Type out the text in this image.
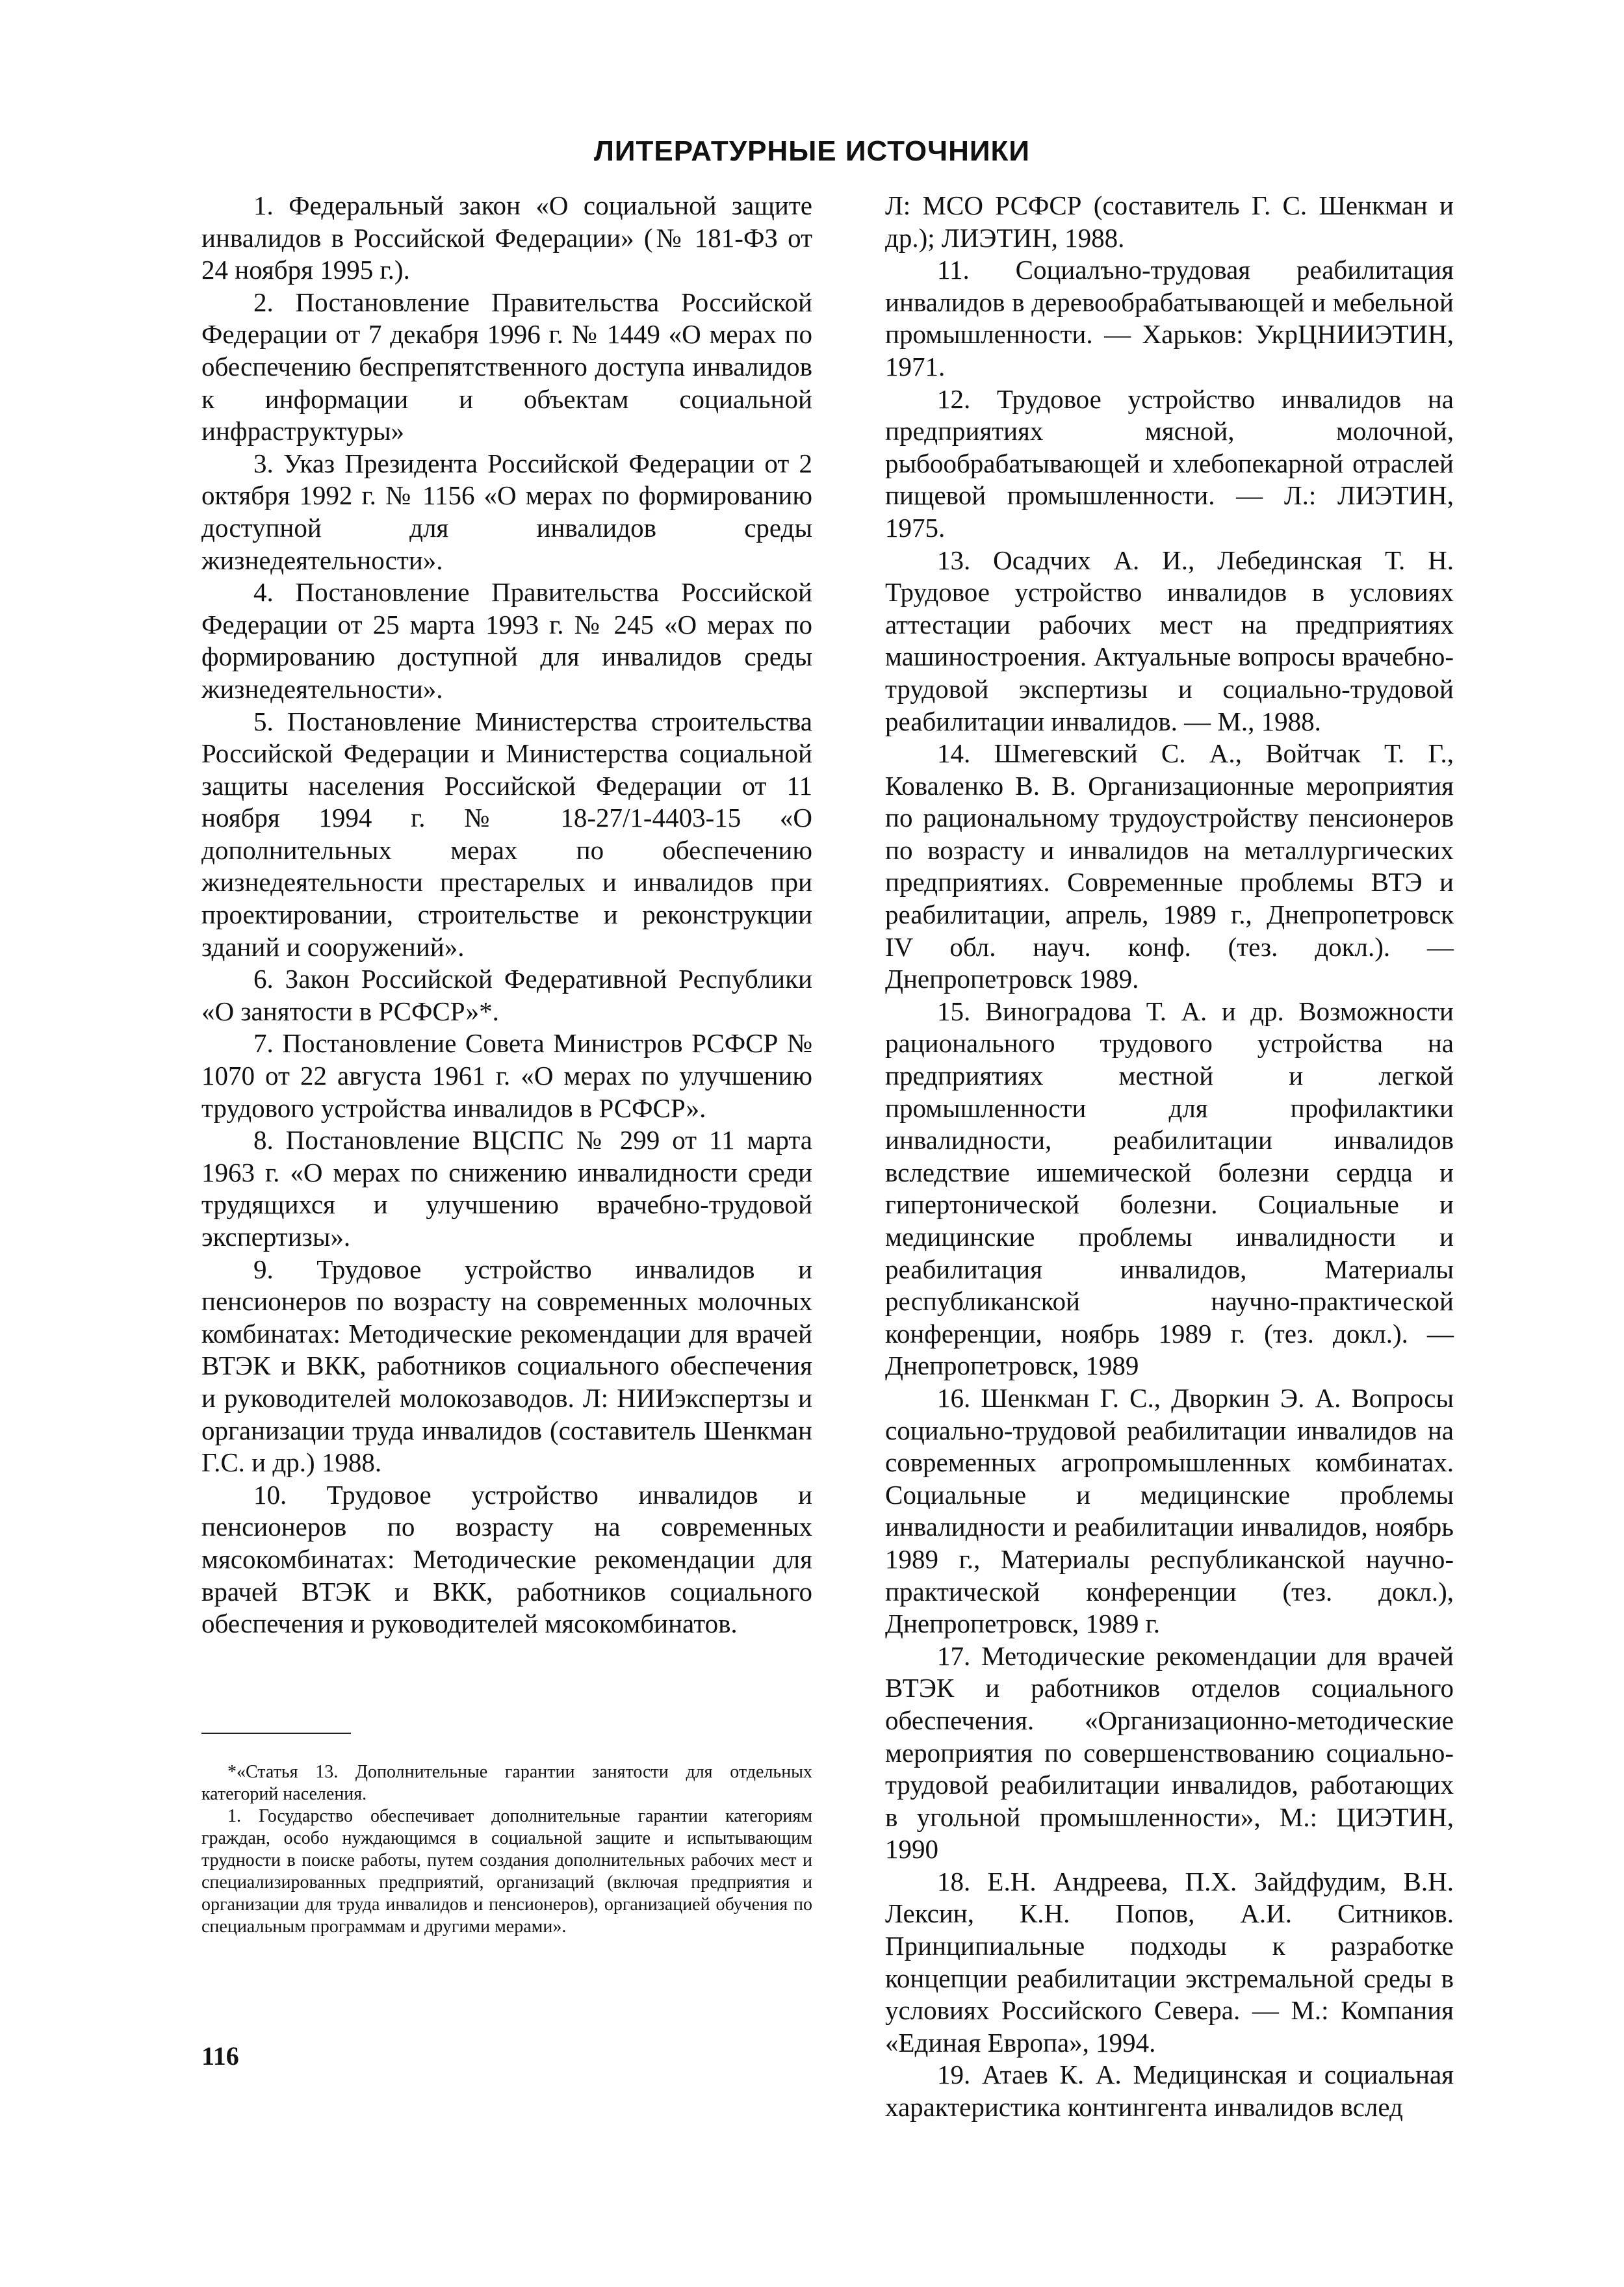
ЛИТЕРАТУРНЫЕ ИСТОЧНИКИ

1. Федеральный закон «О социальной защите инвалидов в Российской Федерации» (№ 181-ФЗ от 24 ноября 1995 г.).

2. Постановление Правительства Российской Федерации от 7 декабря 1996 г. № 1449 «О мерах по обеспечению беспрепятственного доступа инвалидов к информации и объектам социальной инфраструктуры»

3. Указ Президента Российской Федерации от 2 октября 1992 г. № 1156 «О мерах по формированию доступной для инвалидов среды жизнедеятельности».

4. Постановление Правительства Российской Федерации от 25 марта 1993 г. № 245 «О мерах по формированию доступной для инвалидов среды жизнедеятельности».

5. Постановление Министерства строительства Российской Федерации и Министерства социальной защиты населения Российской Федерации от 11 ноября 1994 г. № 18-27/1-4403-15 «О дополнительных мерах по обеспечению жизнедеятельности престарелых и инвалидов при проектировании, строительстве и реконструкции зданий и сооружений».

6. Закон Российской Федеративной Республики «О занятости в РСФСР»*.

7. Постановление Совета Министров РСФСР № 1070 от 22 августа 1961 г. «О мерах по улучшению трудового устройства инвалидов в РСФСР».

8. Постановление ВЦСПС № 299 от 11 марта 1963 г. «О мерах по снижению инвалидности среди трудящихся и улучшению врачебно-трудовой экспертизы».

9. Трудовое устройство инвалидов и пенсионеров по возрасту на современных молочных комбинатах: Методические рекомендации для врачей ВТЭК и ВКК, работников социального обеспечения и руководителей молокозаводов. Л: НИИэкспертзы и организации труда инвалидов (составитель Шенкман Г.С. и др.) 1988.

10. Трудовое устройство инвалидов и пенсионеров по возрасту на современных мясокомбинатах: Методические рекомендации для врачей ВТЭК и ВКК, работников социального обеспечения и руководителей мясокомбинатов.

Л: МСО РСФСР (составитель Г. С. Шенкман и др.); ЛИЭТИН, 1988.

11. Социалъно-трудовая реабилитация инвалидов в деревообрабатывающей и мебельной промышленности. — Харьков: УкрЦНИИЭТИН, 1971.

12. Трудовое устройство инвалидов на предприятиях мясной, молочной, рыбообрабатывающей и хлебопекарной отраслей пищевой промышленности. — Л.: ЛИЭТИН, 1975.

13. Осадчих А. И., Лебединская Т. Н. Трудовое устройство инвалидов в условиях аттестации рабочих мест на предприятиях машиностроения. Актуальные вопросы врачебно-трудовой экспертизы и социально-трудовой реабилитации инвалидов. — М., 1988.

14. Шмегевский С. А., Войтчак Т. Г., Коваленко В. В. Организационные мероприятия по рациональному трудоустройству пенсионеров по возрасту и инвалидов на металлургических предприятиях. Современные проблемы ВТЭ и реабилитации, апрель, 1989 г., Днепропетровск IV обл. науч. конф. (тез. докл.). — Днепропетровск 1989.

15. Виноградова Т. А. и др. Возможности рационального трудового устройства на предприятиях местной и легкой промышленности для профилактики инвалидности, реабилитации инвалидов вследствие ишемической болезни сердца и гипертонической болезни. Социальные и медицинские проблемы инвалидности и реабилитация инвалидов, Материалы республиканской научно-практической конференции, ноябрь 1989 г. (тез. докл.). — Днепропетровск, 1989

16. Шенкман Г. С., Дворкин Э. А. Вопросы социально-трудовой реабилитации инвалидов на современных агропромышленных комбинатах. Социальные и медицинские проблемы инвалидности и реабилитации инвалидов, ноябрь 1989 г., Материалы республиканской научно-практической конференции (тез. докл.), Днепропетровск, 1989 г.

17. Методические рекомендации для врачей ВТЭК и работников отделов социального обеспечения. «Организационно-методические мероприятия по совершенствованию социально-трудовой реабилитации инвалидов, работающих в угольной промышленности», М.: ЦИЭТИН, 1990

18. Е.Н. Андреева, П.Х. Зайдфудим, В.Н. Лексин, К.Н. Попов, А.И. Ситников. Принципиальные подходы к разработке концепции реабилитации экстремальной среды в условиях Российского Севера. — М.: Компания «Единая Европа», 1994.

19. Атаев К. А. Медицинская и социальная характеристика контингента инвалидов вслед

*«Статья 13. Дополнительные гарантии занятости для отдельных категорий населения.

1. Государство обеспечивает дополнительные гарантии категориям граждан, особо нуждающимся в социальной защите и испытывающим трудности в поиске работы, путем создания дополнительных рабочих мест и специализированных предприятий, организаций (включая предприятия и организации для труда инвалидов и пенсионеров), организацией обучения по специальным программам и другими мерами».

116
